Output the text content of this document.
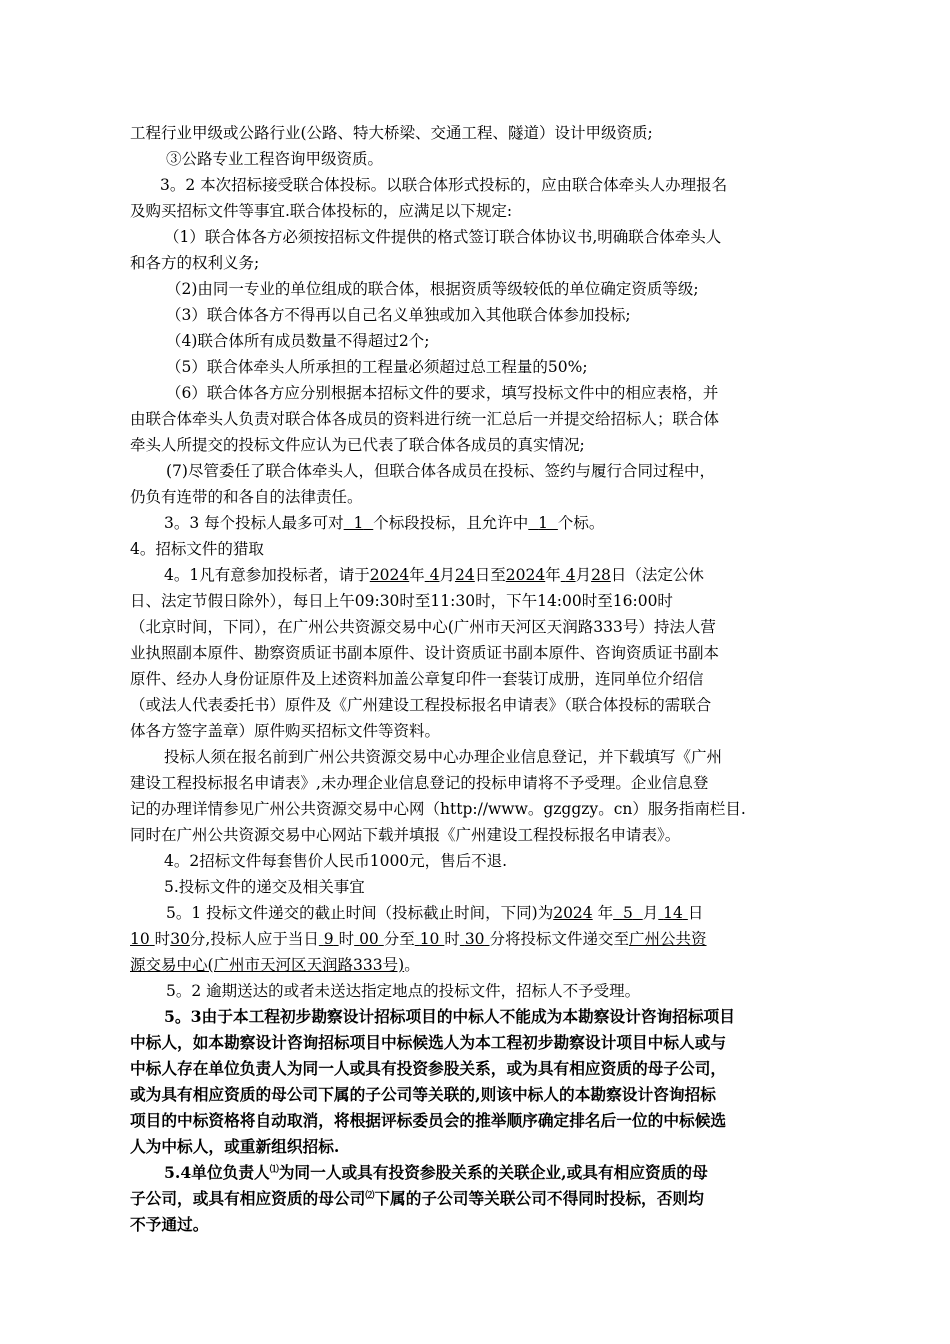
工程行业甲级或公路行业(公路、特大桥梁、交通工程、隧道）设计甲级资质;
③公路专业工程咨询甲级资质。
3。2 本次招标接受联合体投标。以联合体形式投标的，应由联合体牵头人办理报名
及购买招标文件等事宜.联合体投标的，应满足以下规定:
（1）联合体各方必须按招标文件提供的格式签订联合体协议书,明确联合体牵头人
和各方的权利义务;
（2)由同一专业的单位组成的联合体，根据资质等级较低的单位确定资质等级;
（3）联合体各方不得再以自己名义单独或加入其他联合体参加投标;
（4)联合体所有成员数量不得超过2个;
（5）联合体牵头人所承担的工程量必须超过总工程量的50%;
（6）联合体各方应分别根据本招标文件的要求，填写投标文件中的相应表格，并
由联合体牵头人负责对联合体各成员的资料进行统一汇总后一并提交给招标人；联合体
牵头人所提交的投标文件应认为已代表了联合体各成员的真实情况;
(7)尽管委任了联合体牵头人，但联合体各成员在投标、签约与履行合同过程中，
仍负有连带的和各自的法律责任。
3。3 每个投标人最多可对 1 个标段投标，且允许中 1 个标。
4。招标文件的猎取
4。1凡有意参加投标者，请于2024年 4月24日至2024年 4月28日（法定公休
日、法定节假日除外），每日上午09:30时至11:30时，下午14:00时至16:00时
（北京时间，下同），在广州公共资源交易中心(广州市天河区天润路333号）持法人营
业执照副本原件、勘察资质证书副本原件、设计资质证书副本原件、咨询资质证书副本
原件、经办人身份证原件及上述资料加盖公章复印件一套装订成册，连同单位介绍信
（或法人代表委托书）原件及《广州建设工程投标报名申请表》（联合体投标的需联合
体各方签字盖章）原件购买招标文件等资料。
投标人须在报名前到广州公共资源交易中心办理企业信息登记，并下载填写《广州
建设工程投标报名申请表》,未办理企业信息登记的投标申请将不予受理。企业信息登
记的办理详情参见广州公共资源交易中心网（http://www。gzggzy。cn）服务指南栏目.
同时在广州公共资源交易中心网站下载并填报《广州建设工程投标报名申请表》。
4。2招标文件每套售价人民币1000元，售后不退.
5.投标文件的递交及相关事宜
5。1 投标文件递交的截止时间（投标截止时间，下同)为2024 年 5 月 14 日
10 时30分,投标人应于当日 9 时 00 分至 10 时 30 分将投标文件递交至广州公共资
源交易中心(广州市天河区天润路333号)。
5。2 逾期送达的或者未送达指定地点的投标文件，招标人不予受理。
5。3由于本工程初步勘察设计招标项目的中标人不能成为本勘察设计咨询招标项目
中标人，如本勘察设计咨询招标项目中标候选人为本工程初步勘察设计项目中标人或与
中标人存在单位负责人为同一人或具有投资参股关系，或为具有相应资质的母子公司，
或为具有相应资质的母公司下属的子公司等关联的,则该中标人的本勘察设计咨询招标
项目的中标资格将自动取消，将根据评标委员会的推举顺序确定排名后一位的中标候选
人为中标人，或重新组织招标.
5.4单位负责人⑴为同一人或具有投资参股关系的关联企业,或具有相应资质的母
子公司，或具有相应资质的母公司⑵下属的子公司等关联公司不得同时投标，否则均
不予通过。
